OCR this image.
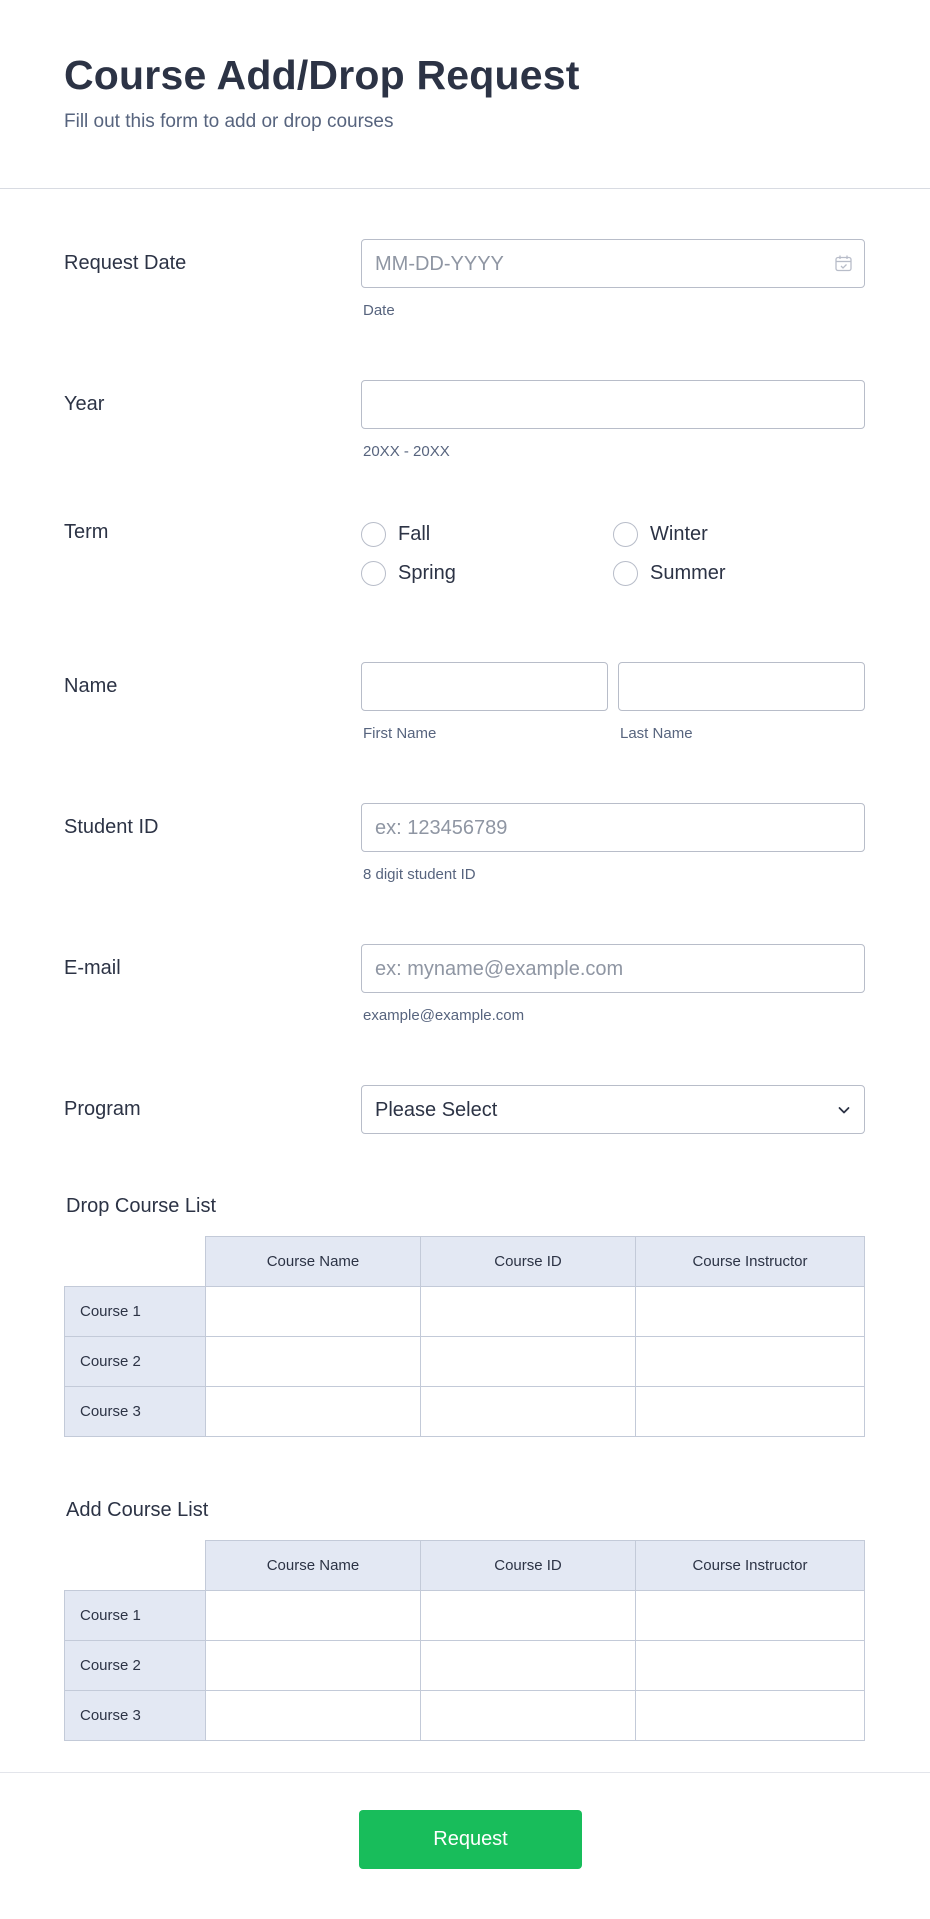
Course Add/Drop Request
Fill out this form to add or drop courses
Request Date	MM-DD-YYYY
Date
Year
20XX - 20XX
Term	Fall	Winter
Spring	Summer
Name
First Name	Last Name
Student ID	ex: 123456789
8 digit student ID
E-mail	ex: myname@example.com
example@example.com
Program	Please Select
Drop Course List
Course Name	Course ID	Course Instructor
Course 1
Course 2
Course 3
Add Course List
Course Name	Course ID	Course Instructor
Course 1
Course 2
Course 3
Request
